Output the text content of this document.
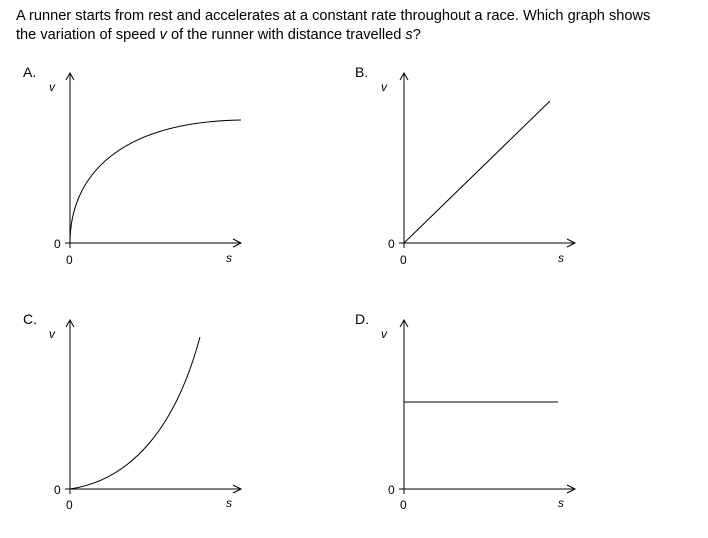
A runner starts from rest and accelerates at a constant rate throughout a race. Which graph shows
the variation of speed v of the runner with distance travelled s?
A.
v
0
0	s
B.
v
0
0	s
C.
v
0
0	s
D.
v
0
0	s
